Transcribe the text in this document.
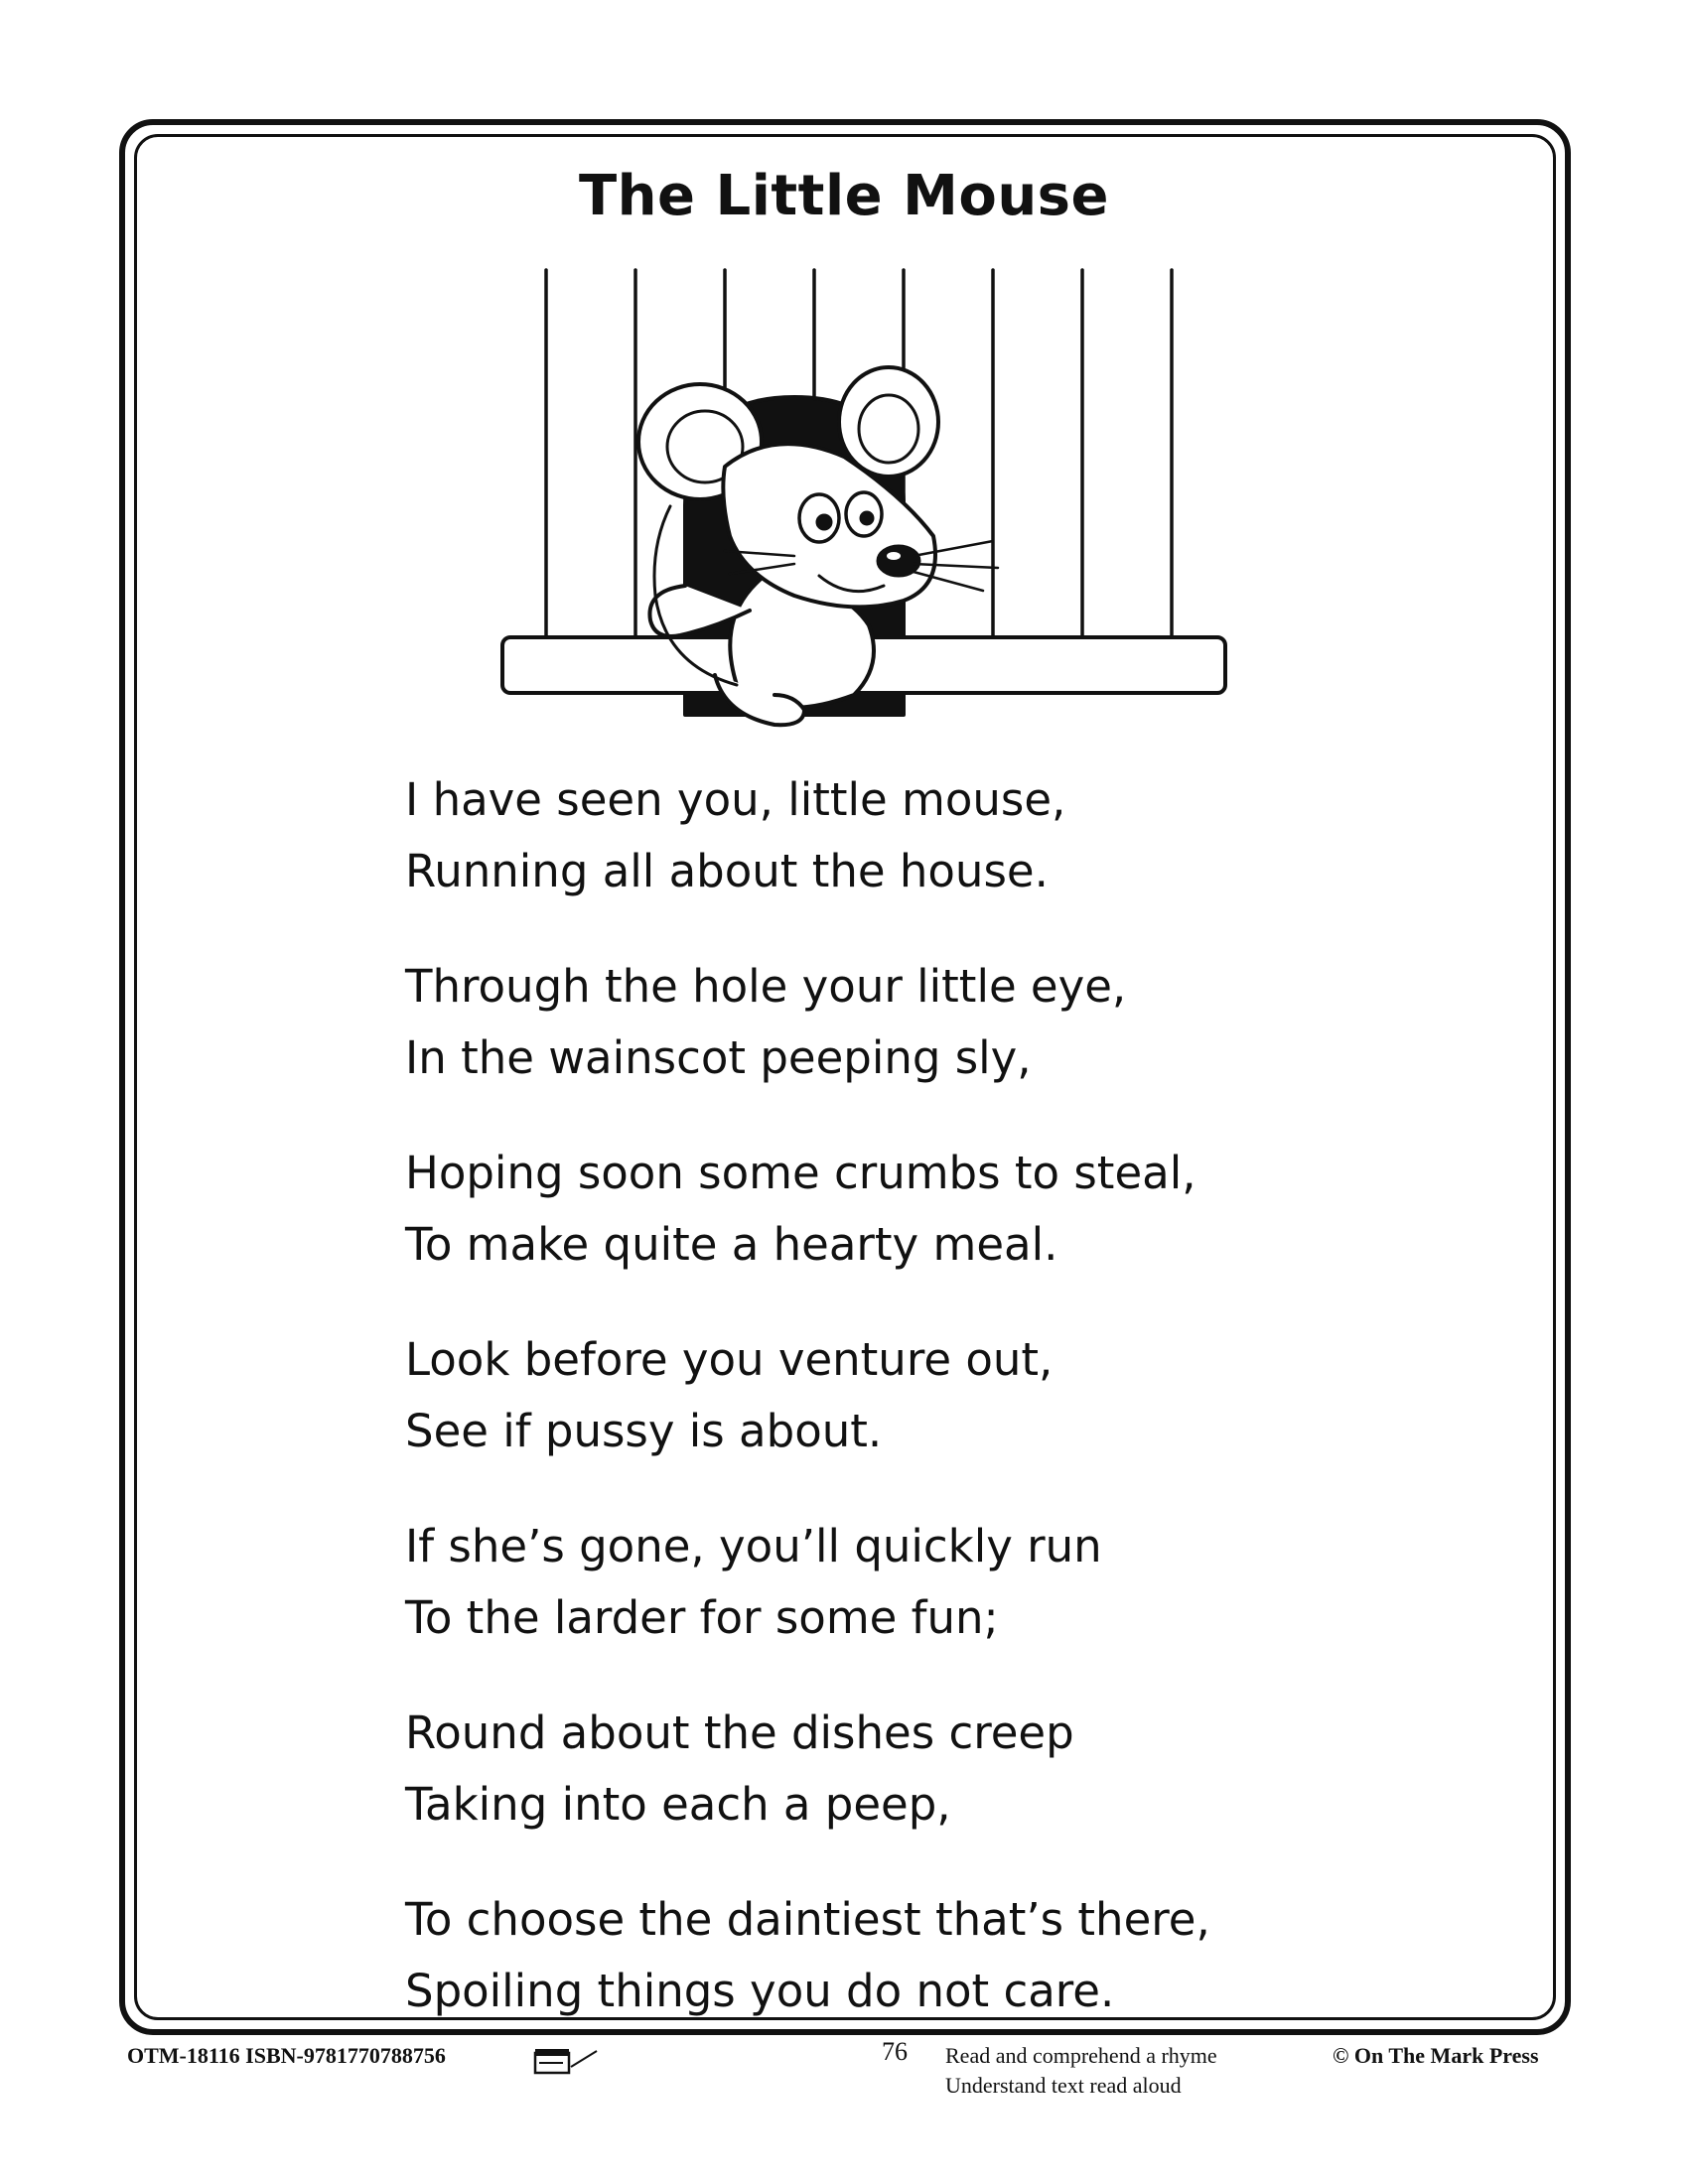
The Little Mouse
I have seen you, little mouse,
Running all about the house.
Through the hole your little eye,
In the wainscot peeping sly,
Hoping soon some crumbs to steal,
To make quite a hearty meal.
Look before you venture out,
See if pussy is about.
If she’s gone, you’ll quickly run
To the larder for some fun;
Round about the dishes creep
Taking into each a peep,
To choose the daintiest that’s there,
Spoiling things you do not care.
OTM-18116 ISBN-9781770788756	76 Read and comprehend a rhyme
Understand text read aloud
© On The Mark Press
